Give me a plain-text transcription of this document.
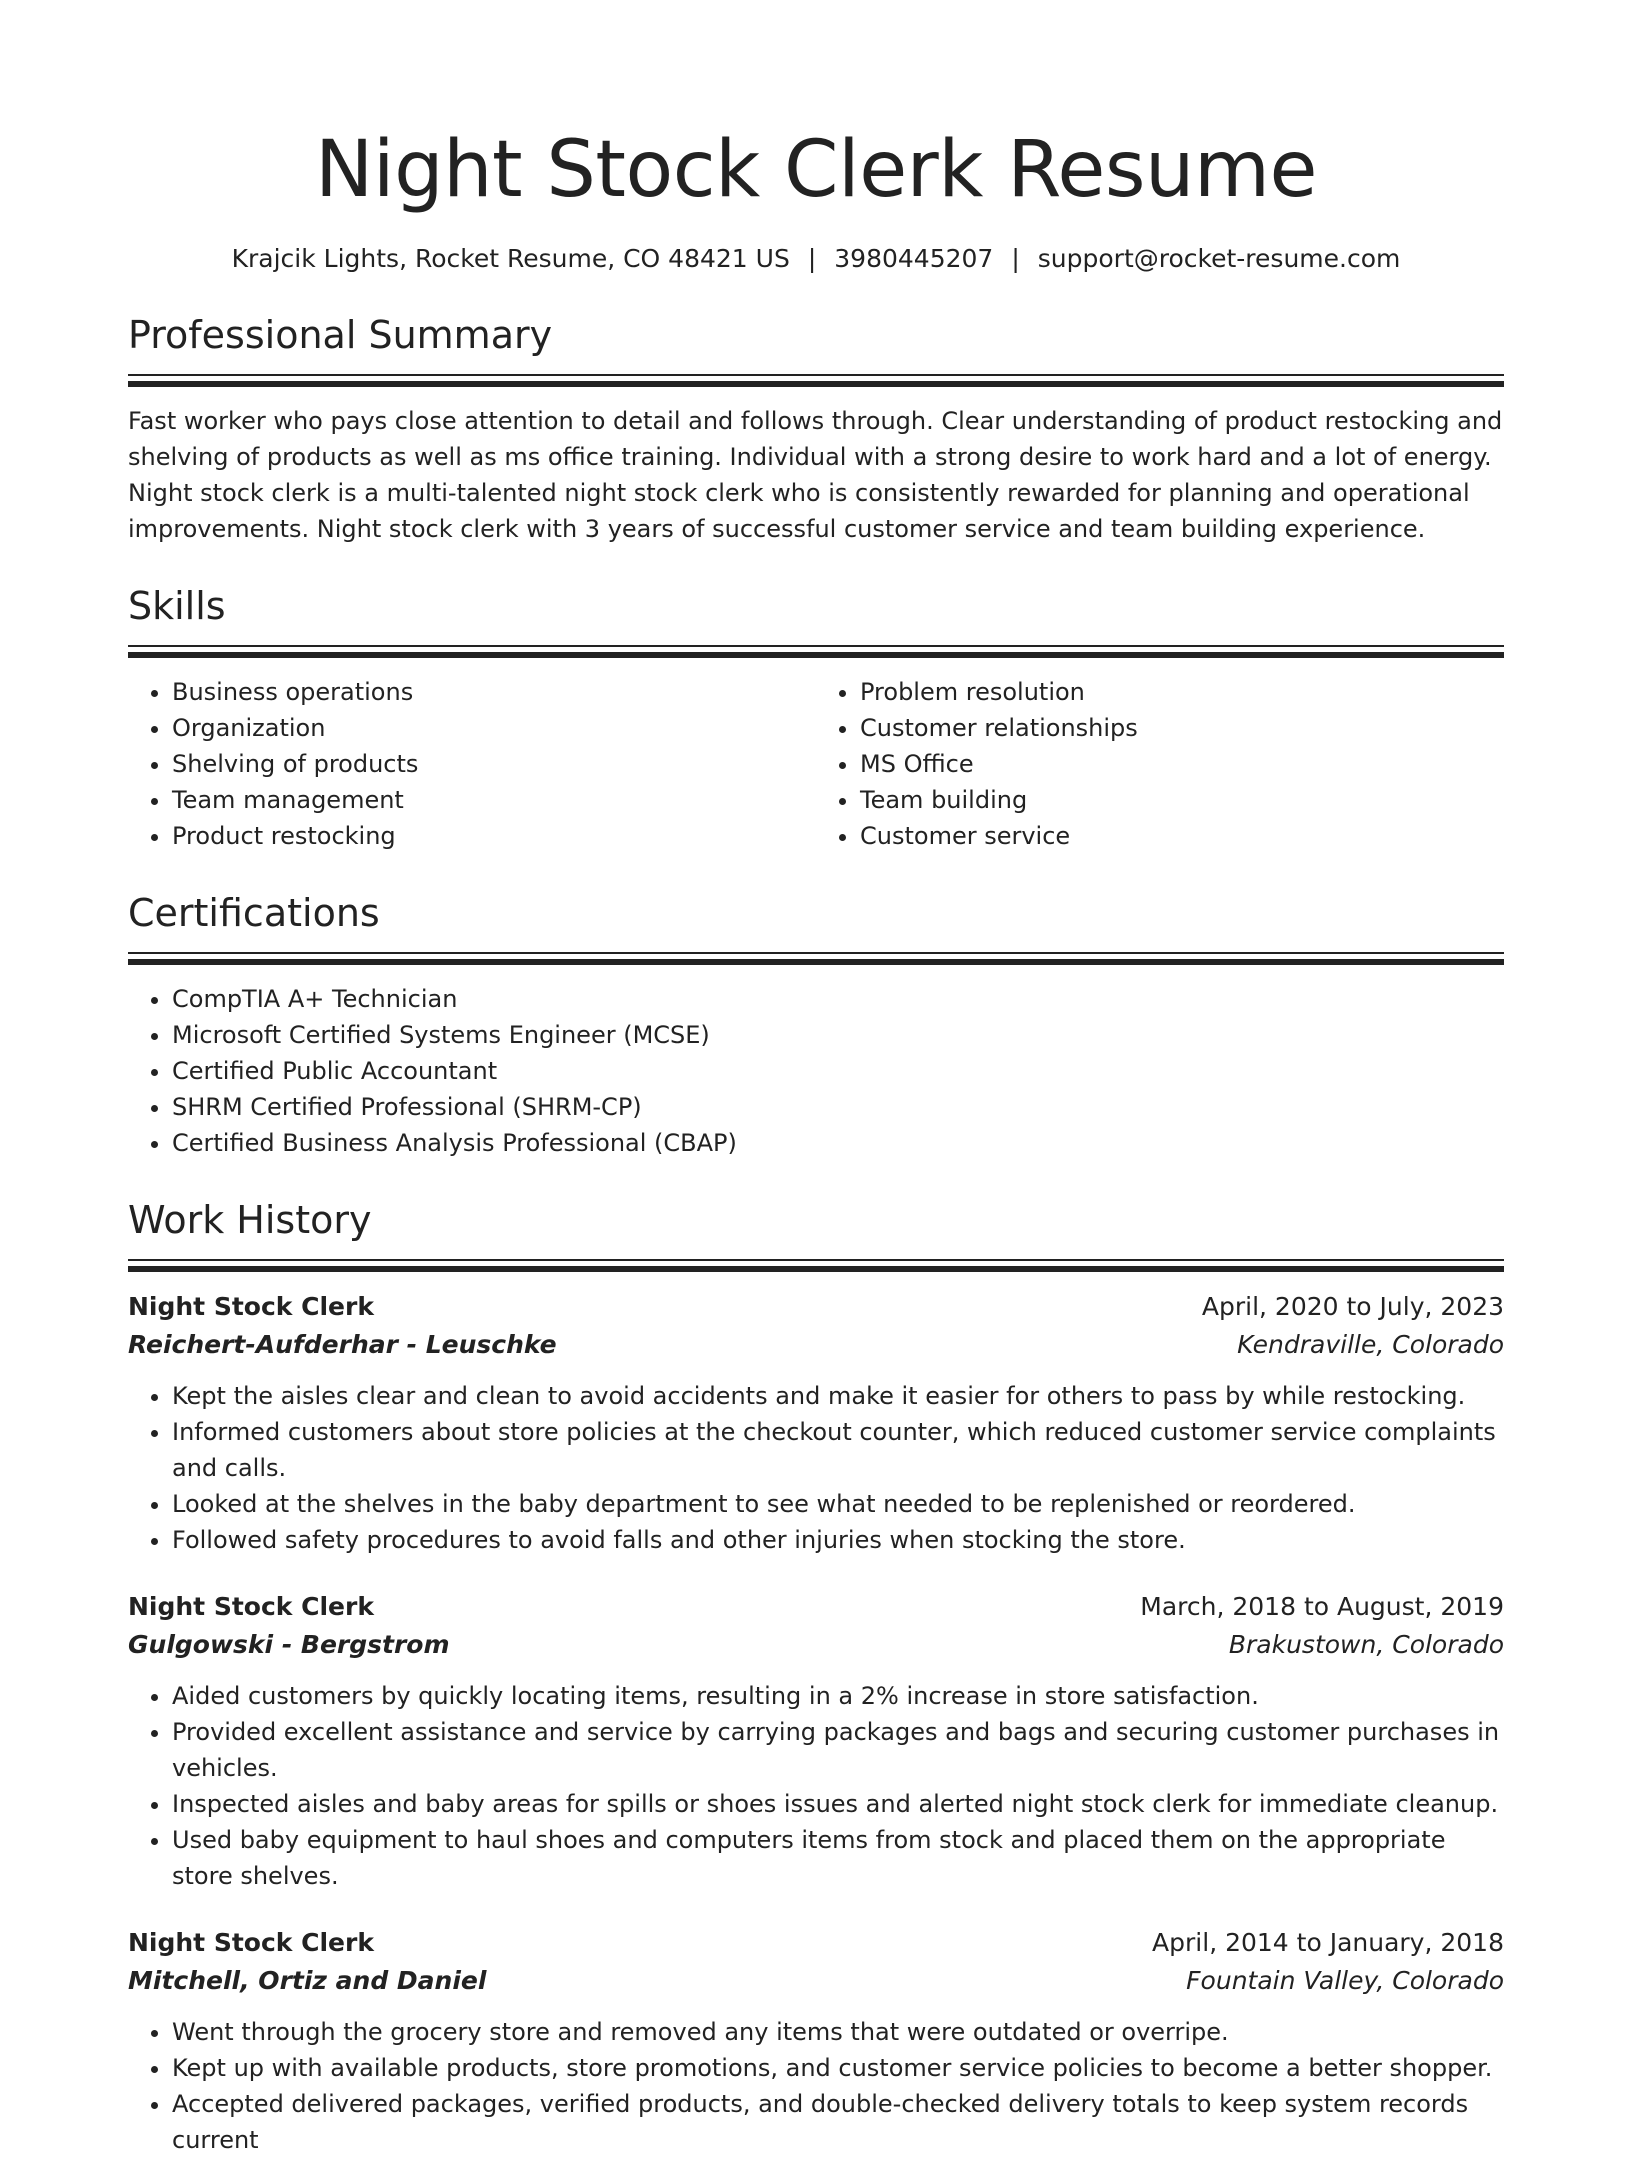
Night Stock Clerk Resume
Krajcik Lights, Rocket Resume, CO 48421 US | 3980445207 | support@rocket-resume.com
Professional Summary
Fast worker who pays close attention to detail and follows through. Clear understanding of product restocking and shelving of products as well as ms office training. Individual with a strong desire to work hard and a lot of energy. Night stock clerk is a multi-talented night stock clerk who is consistently rewarded for planning and operational improvements. Night stock clerk with 3 years of successful customer service and team building experience.
Skills
• Business operations
• Organization
• Shelving of products
• Team management
• Product restocking
• Problem resolution
• Customer relationships
• MS Office
• Team building
• Customer service
Certifications
• CompTIA A+ Technician
• Microsoft Certified Systems Engineer (MCSE)
• Certified Public Accountant
• SHRM Certified Professional (SHRM-CP)
• Certified Business Analysis Professional (CBAP)
Work History
Night Stock Clerk	April, 2020 to July, 2023
Reichert-Aufderhar - Leuschke	Kendraville, Colorado
• Kept the aisles clear and clean to avoid accidents and make it easier for others to pass by while restocking.
• Informed customers about store policies at the checkout counter, which reduced customer service complaints and calls.
• Looked at the shelves in the baby department to see what needed to be replenished or reordered.
• Followed safety procedures to avoid falls and other injuries when stocking the store.
Night Stock Clerk	March, 2018 to August, 2019
Gulgowski - Bergstrom	Brakustown, Colorado
• Aided customers by quickly locating items, resulting in a 2% increase in store satisfaction.
• Provided excellent assistance and service by carrying packages and bags and securing customer purchases in vehicles.
• Inspected aisles and baby areas for spills or shoes issues and alerted night stock clerk for immediate cleanup.
• Used baby equipment to haul shoes and computers items from stock and placed them on the appropriate store shelves.
Night Stock Clerk	April, 2014 to January, 2018
Mitchell, Ortiz and Daniel	Fountain Valley, Colorado
• Went through the grocery store and removed any items that were outdated or overripe.
• Kept up with available products, store promotions, and customer service policies to become a better shopper.
• Accepted delivered packages, verified products, and double-checked delivery totals to keep system records current
